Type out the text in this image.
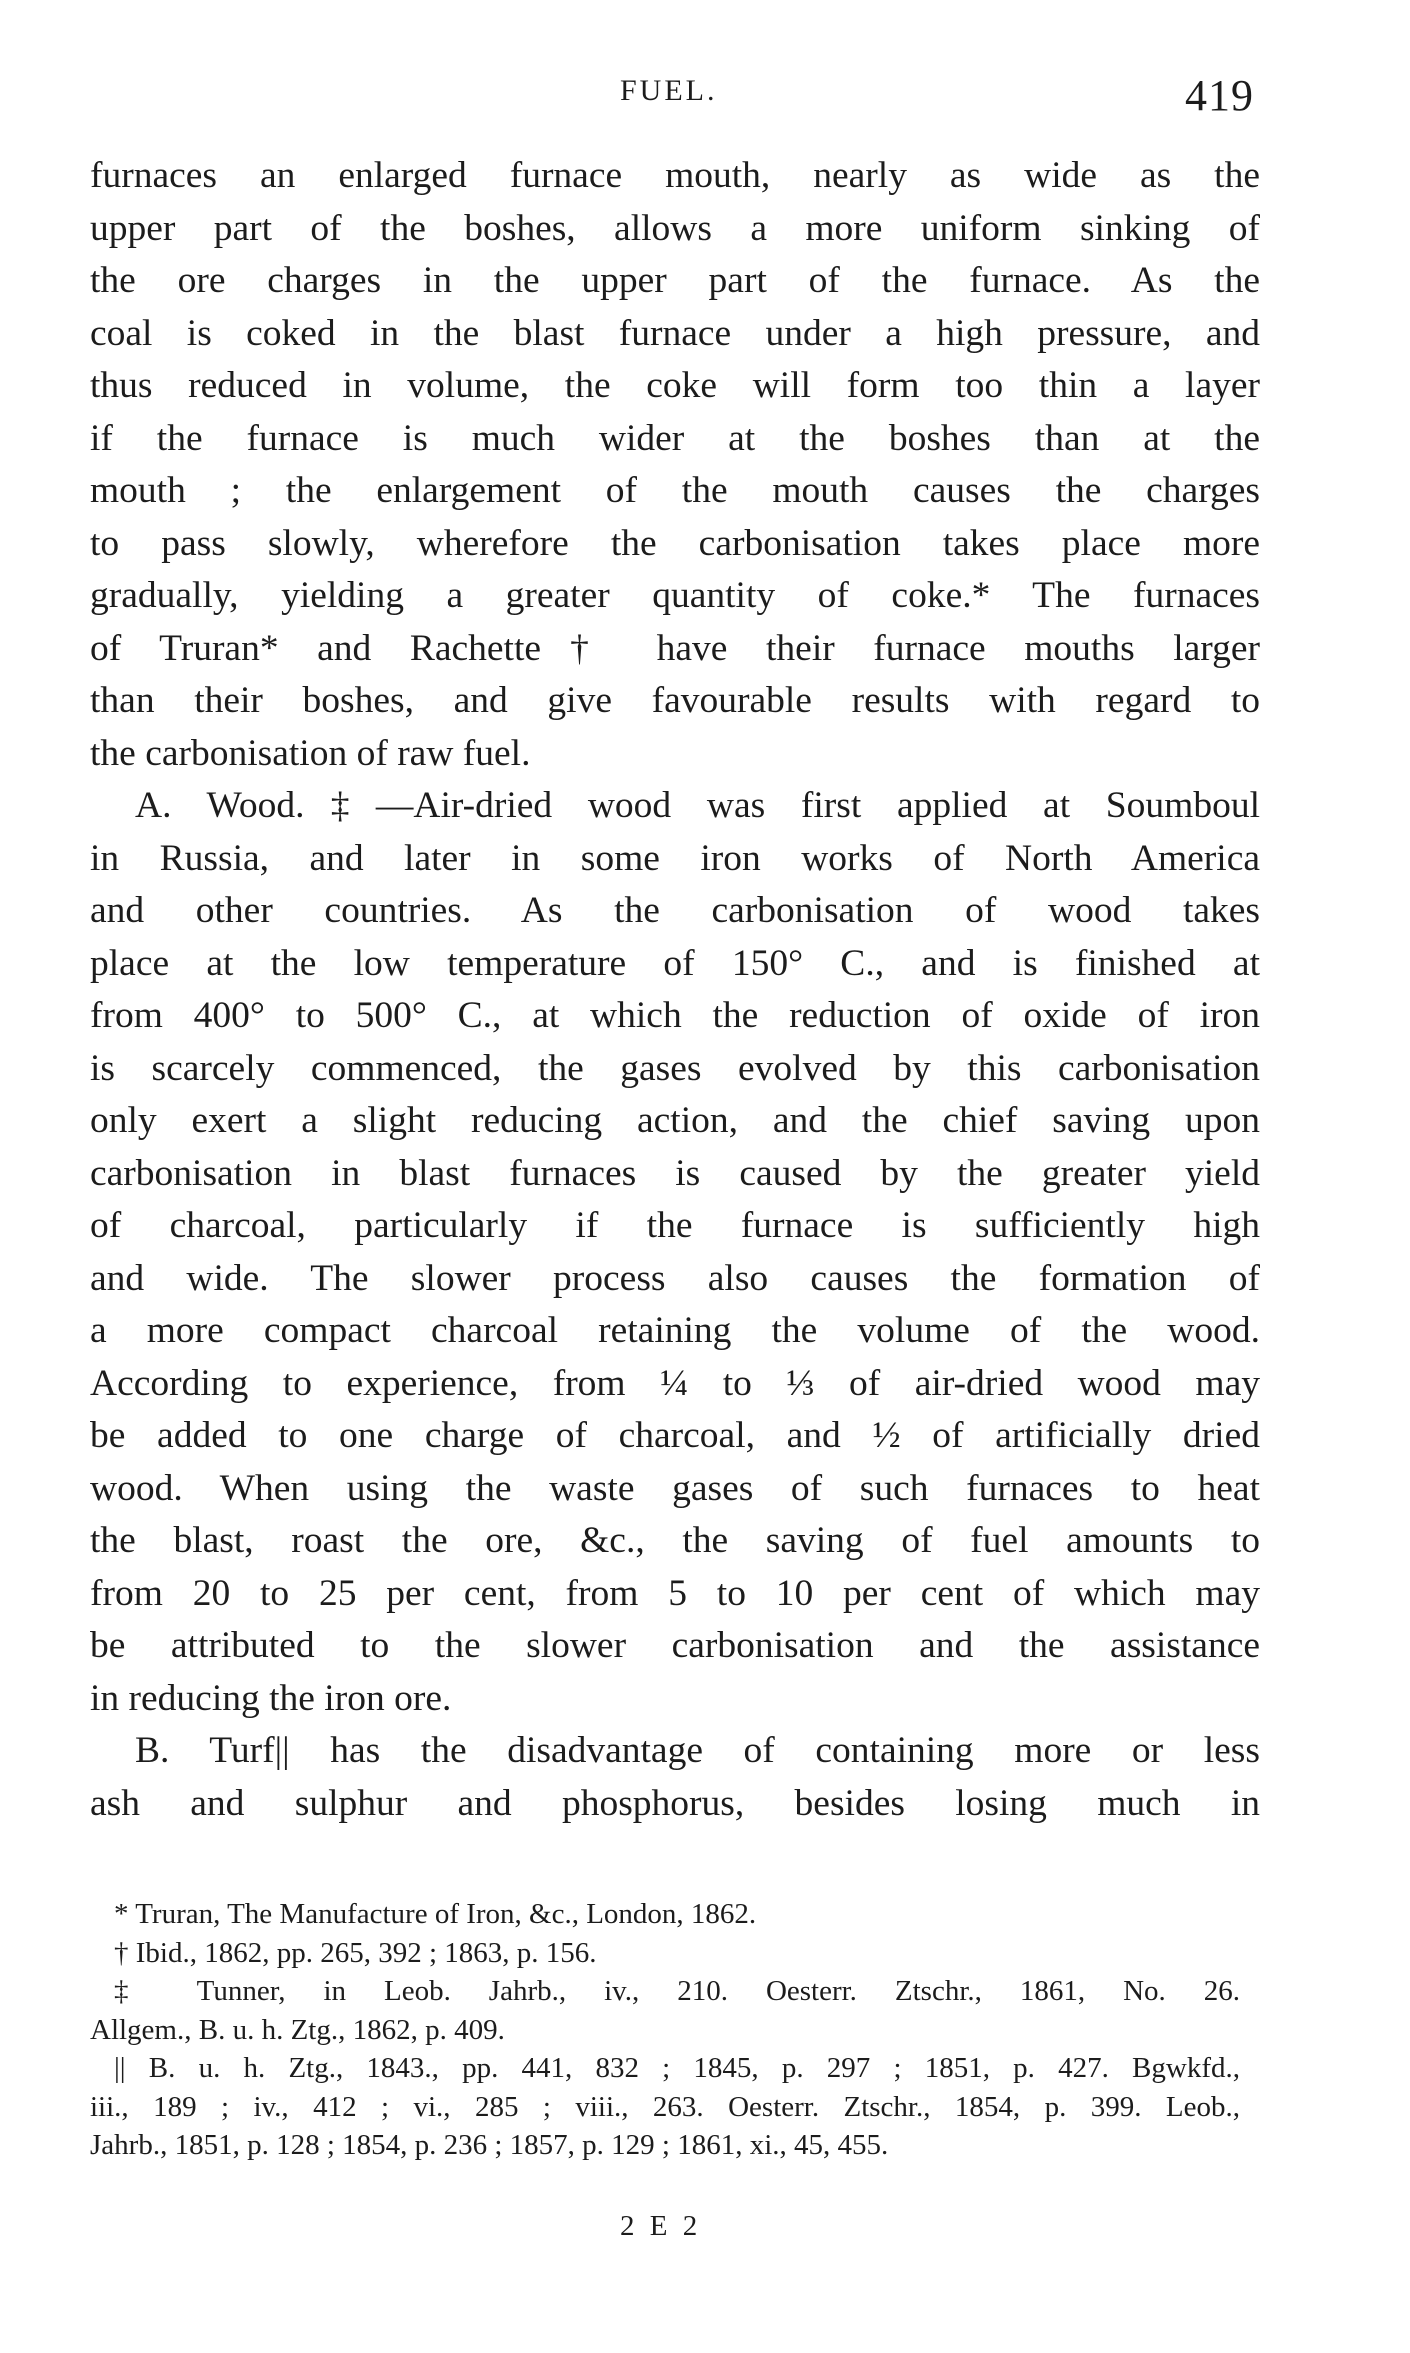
FUEL.	419
furnaces an enlarged furnace mouth, nearly as wide as the
upper part of the boshes, allows a more uniform sinking of
the ore charges in the upper part of the furnace. As the
coal is coked in the blast furnace under a high pressure, and
thus reduced in volume, the coke will form too thin a layer
if the furnace is much wider at the boshes than at the
mouth ; the enlargement of the mouth causes the charges
to pass slowly, wherefore the carbonisation takes place more
gradually, yielding a greater quantity of coke.* The furnaces
of Truran* and Rachette† have their furnace mouths larger
than their boshes, and give favourable results with regard to
the carbonisation of raw fuel.
A. Wood.‡—Air-dried wood was first applied at Soumboul
in Russia, and later in some iron works of North America
and other countries. As the carbonisation of wood takes
place at the low temperature of 150° C., and is finished at
from 400° to 500° C., at which the reduction of oxide of iron
is scarcely commenced, the gases evolved by this carbonisation
only exert a slight reducing action, and the chief saving upon
carbonisation in blast furnaces is caused by the greater yield
of charcoal, particularly if the furnace is sufficiently high
and wide. The slower process also causes the formation of
a more compact charcoal retaining the volume of the wood.
According to experience, from ¼ to ⅓ of air-dried wood may
be added to one charge of charcoal, and ½ of artificially dried
wood. When using the waste gases of such furnaces to heat
the blast, roast the ore, &c., the saving of fuel amounts to
from 20 to 25 per cent, from 5 to 10 per cent of which may
be attributed to the slower carbonisation and the assistance
in reducing the iron ore.
B. Turf|| has the disadvantage of containing more or less
ash and sulphur and phosphorus, besides losing much in
* Truran, The Manufacture of Iron, &c., London, 1862.
† Ibid., 1862, pp. 265, 392 ; 1863, p. 156.
‡ Tunner, in Leob. Jahrb., iv., 210. Oesterr. Ztschr., 1861, No. 26.
Allgem., B. u. h. Ztg., 1862, p. 409.
|| B. u. h. Ztg., 1843., pp. 441, 832 ; 1845, p. 297 ; 1851, p. 427. Bgwkfd.,
iii., 189 ; iv., 412 ; vi., 285 ; viii., 263. Oesterr. Ztschr., 1854, p. 399. Leob.,
Jahrb., 1851, p. 128 ; 1854, p. 236 ; 1857, p. 129 ; 1861, xi., 45, 455.
2 E 2
